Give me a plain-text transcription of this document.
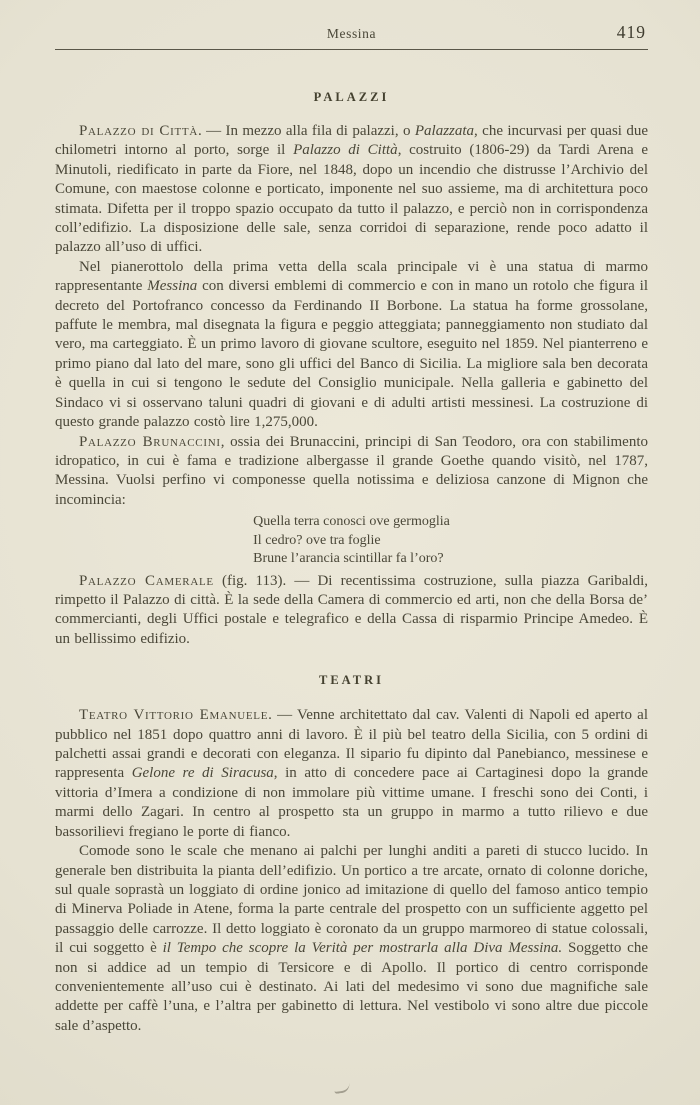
Messina	419
PALAZZI

Palazzo di Città. — In mezzo alla fila di palazzi, o Palazzata, che incurvasi per quasi due chilometri intorno al porto, sorge il Palazzo di Città, costruito (1806-29) da Tardi Arena e Minutoli, riedificato in parte da Fiore, nel 1848, dopo un incendio che distrusse l’Archivio del Comune, con maestose colonne e porticato, imponente nel suo assieme, ma di architettura poco stimata. Difetta per il troppo spazio occupato da tutto il palazzo, e perciò non in corrispondenza coll’edifizio. La disposizione delle sale, senza corridoi di separazione, rende poco adatto il palazzo all’uso di uffici.

Nel pianerottolo della prima vetta della scala principale vi è una statua di marmo rappresentante Messina con diversi emblemi di commercio e con in mano un rotolo che figura il decreto del Portofranco concesso da Ferdinando II Borbone. La statua ha forme grossolane, paffute le membra, mal disegnata la figura e peggio atteggiata; panneggiamento non studiato dal vero, ma carteggiato. È un primo lavoro di giovane scultore, eseguito nel 1859. Nel pianterreno e primo piano dal lato del mare, sono gli uffici del Banco di Sicilia. La migliore sala ben decorata è quella in cui si tengono le sedute del Consiglio municipale. Nella galleria e gabinetto del Sindaco vi si osservano taluni quadri di giovani e di adulti artisti messinesi. La costruzione di questo grande palazzo costò lire 1,275,000.

Palazzo Brunaccini, ossia dei Brunaccini, principi di San Teodoro, ora con stabilimento idropatico, in cui è fama e tradizione albergasse il grande Goethe quando visitò, nel 1787, Messina. Vuolsi perfino vi componesse quella notissima e deliziosa canzone di Mignon che incomincia:

Quella terra conosci ove germoglia
Il cedro? ove tra foglie
Brune l’arancia scintillar fa l’oro?

Palazzo Camerale (fig. 113). — Di recentissima costruzione, sulla piazza Garibaldi, rimpetto il Palazzo di città. È la sede della Camera di commercio ed arti, non che della Borsa de’ commercianti, degli Uffici postale e telegrafico e della Cassa di risparmio Principe Amedeo. È un bellissimo edifizio.

TEATRI

Teatro Vittorio Emanuele. — Venne architettato dal cav. Valenti di Napoli ed aperto al pubblico nel 1851 dopo quattro anni di lavoro. È il più bel teatro della Sicilia, con 5 ordini di palchetti assai grandi e decorati con eleganza. Il sipario fu dipinto dal Panebianco, messinese e rappresenta Gelone re di Siracusa, in atto di concedere pace ai Cartaginesi dopo la grande vittoria d’Imera a condizione di non immolare più vittime umane. I freschi sono dei Conti, i marmi dello Zagari. In centro al prospetto sta un gruppo in marmo a tutto rilievo e due bassorilievi fregiano le porte di fianco.

Comode sono le scale che menano ai palchi per lunghi anditi a pareti di stucco lucido. In generale ben distribuita la pianta dell’edifizio. Un portico a tre arcate, ornato di colonne doriche, sul quale soprastà un loggiato di ordine jonico ad imitazione di quello del famoso antico tempio di Minerva Poliade in Atene, forma la parte centrale del prospetto con un sufficiente aggetto pel passaggio delle carrozze. Il detto loggiato è coronato da un gruppo marmoreo di statue colossali, il cui soggetto è il Tempo che scopre la Verità per mostrarla alla Diva Messina. Soggetto che non si addice ad un tempio di Tersicore e di Apollo. Il portico di centro corrisponde convenientemente all’uso cui è destinato. Ai lati del medesimo vi sono due magnifiche sale addette per caffè l’una, e l’altra per gabinetto di lettura. Nel vestibolo vi sono altre due piccole sale d’aspetto.
